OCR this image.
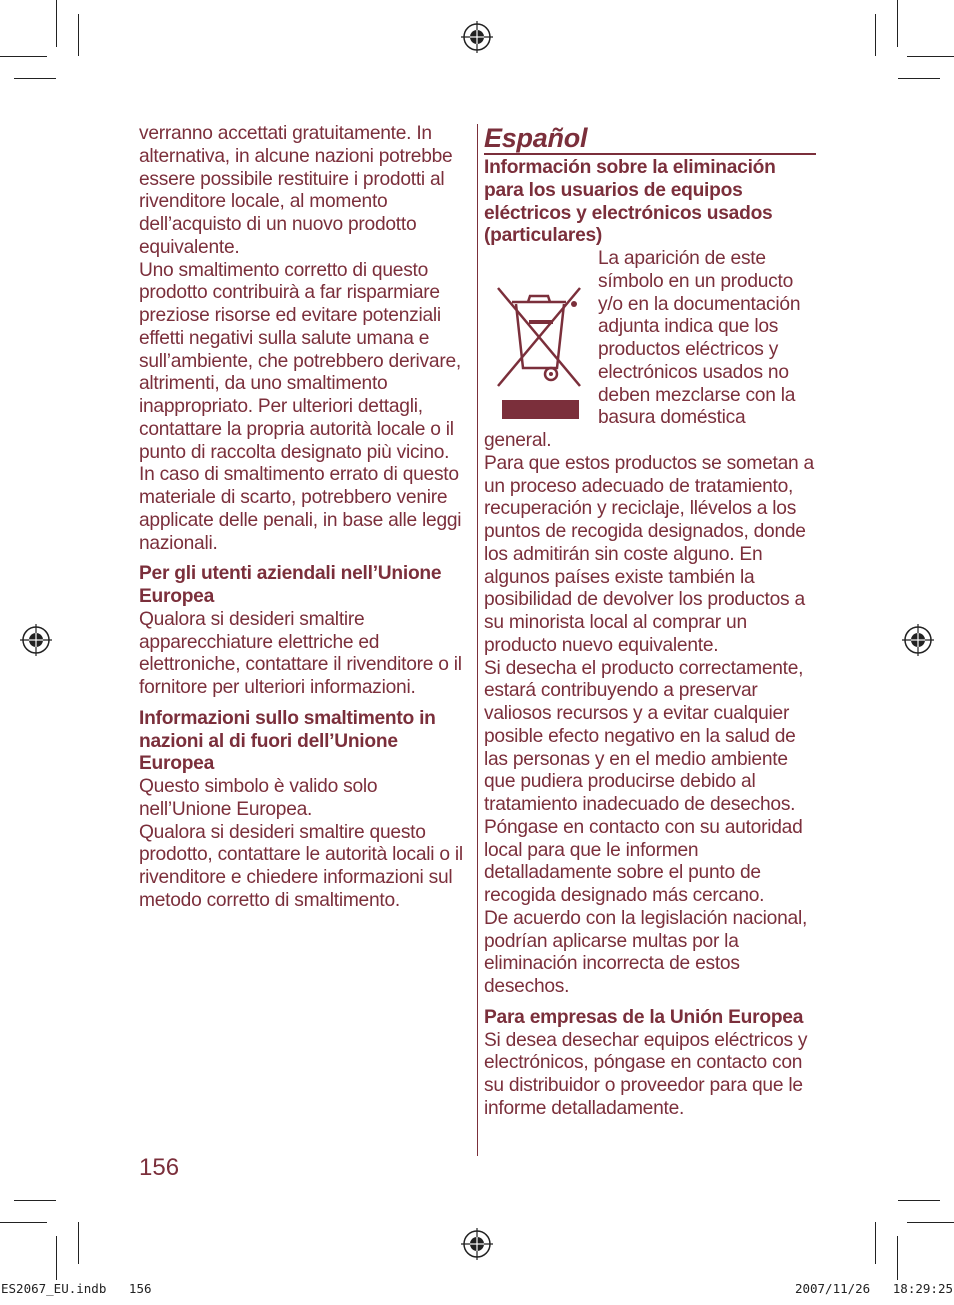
verranno accettati gratuitamente. In alternativa, in alcune nazioni potrebbe essere possibile restituire i prodotti al rivenditore locale, al momento dell’acquisto di un nuovo prodotto equivalente.

Uno smaltimento corretto di questo prodotto contribuirà a far risparmiare preziose risorse ed evitare potenziali effetti negativi sulla salute umana e sull’ambiente, che potrebbero derivare, altrimenti, da uno smaltimento inappropriato. Per ulteriori dettagli, contattare la propria autorità locale o il punto di raccolta designato più vicino. In caso di smaltimento errato di questo materiale di scarto, potrebbero venire applicate delle penali, in base alle leggi nazionali.

Per gli utenti aziendali nell’Unione Europea

Qualora si desideri smaltire apparecchiature elettriche ed elettroniche, contattare il rivenditore o il fornitore per ulteriori informazioni.

Informazioni sullo smaltimento in nazioni al di fuori dell’Unione Europea

Questo simbolo è valido solo nell’Unione Europea.

Qualora si desideri smaltire questo prodotto, contattare le autorità locali o il rivenditore e chiedere informazioni sul metodo corretto di smaltimento.

Español
Información sobre la eliminación para los usuarios de equipos eléctricos y electrónicos usados (particulares)

La aparición de este símbolo en un producto y/o en la documentación adjunta indica que los productos eléctricos y electrónicos usados no deben mezclarse con la basura doméstica general.

Para que estos productos se sometan a un proceso adecuado de tratamiento, recuperación y reciclaje, llévelos a los puntos de recogida designados, donde los admitirán sin coste alguno. En algunos países existe también la posibilidad de devolver los productos a su minorista local al comprar un producto nuevo equivalente.

Si desecha el producto correctamente, estará contribuyendo a preservar valiosos recursos y a evitar cualquier posible efecto negativo en la salud de las personas y en el medio ambiente que pudiera producirse debido al tratamiento inadecuado de desechos. Póngase en contacto con su autoridad local para que le informen detalladamente sobre el punto de recogida designado más cercano.

De acuerdo con la legislación nacional, podrían aplicarse multas por la eliminación incorrecta de estos desechos.

Para empresas de la Unión Europea

Si desea desechar equipos eléctricos y electrónicos, póngase en contacto con su distribuidor o proveedor para que le informe detalladamente.

156
ES2067_EU.indb   156	2007/11/26   18:29:25
